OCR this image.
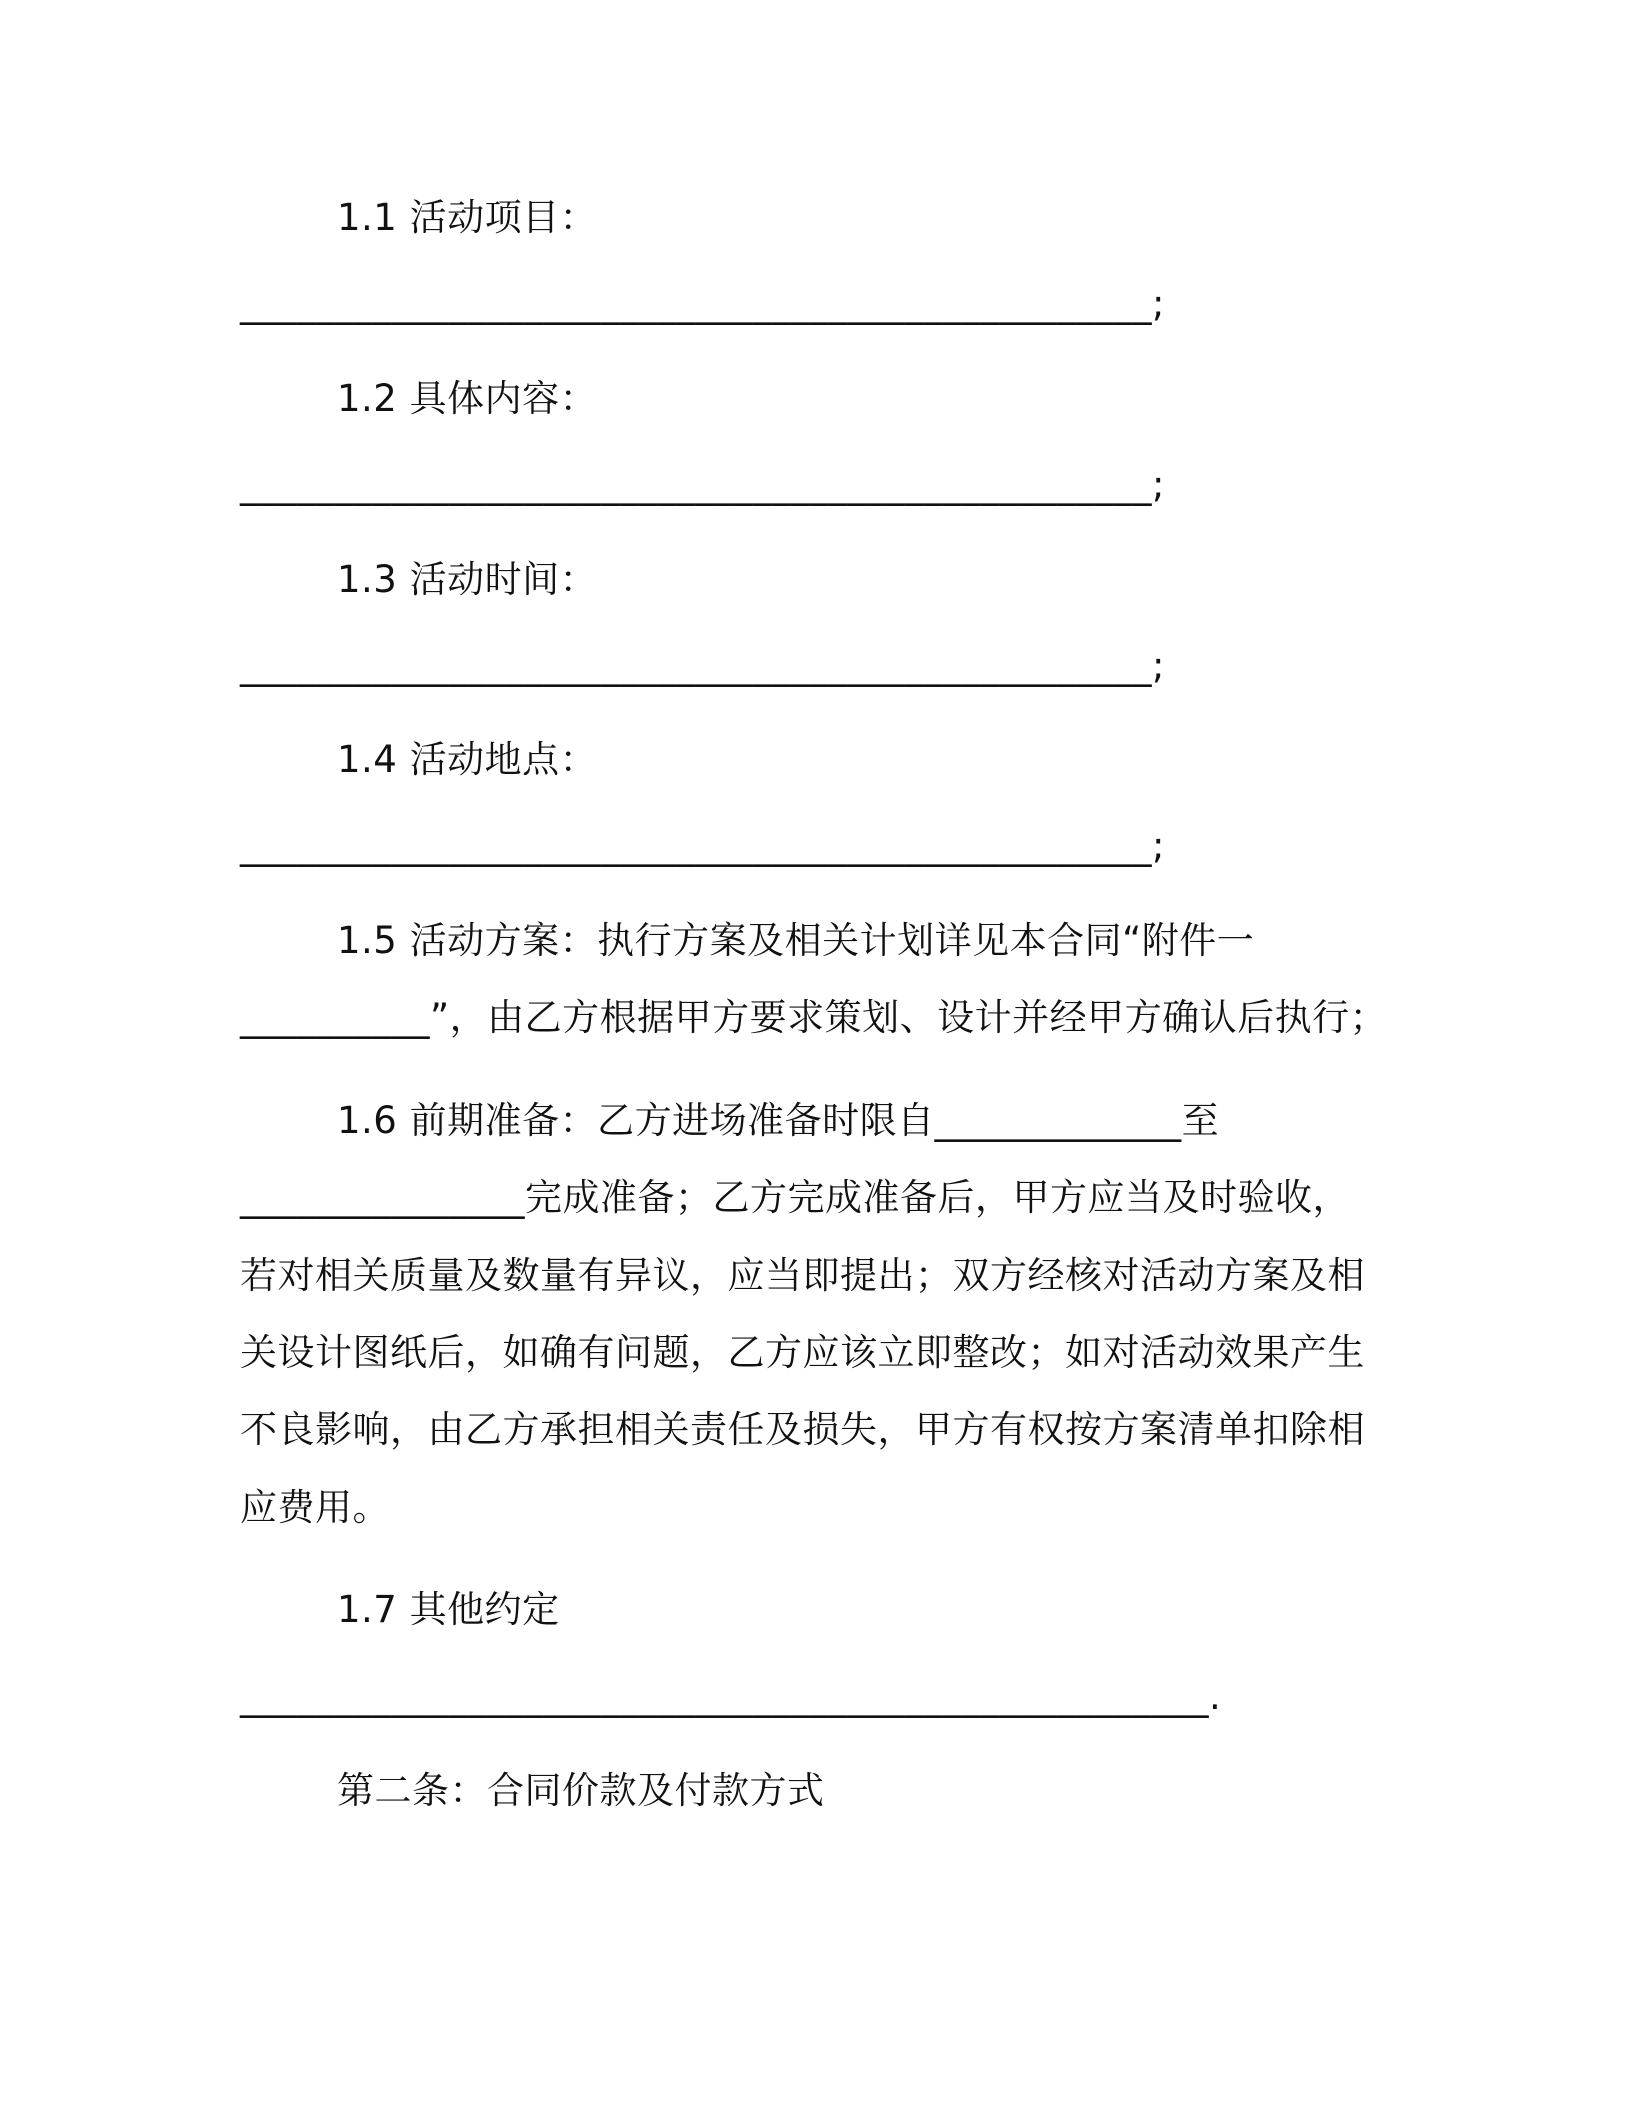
1.1 活动项目：
________________________________________________;
1.2 具体内容：
________________________________________________;
1.3 活动时间：
________________________________________________;
1.4 活动地点：
________________________________________________;
1.5 活动方案：执行方案及相关计划详见本合同“附件一
__________”，由乙方根据甲方要求策划、设计并经甲方确认后执行；
1.6 前期准备：乙方进场准备时限自_____________至
_______________完成准备；乙方完成准备后，甲方应当及时验收，
若对相关质量及数量有异议，应当即提出；双方经核对活动方案及相
关设计图纸后，如确有问题，乙方应该立即整改；如对活动效果产生
不良影响，由乙方承担相关责任及损失，甲方有权按方案清单扣除相
应费用。
1.7 其他约定
___________________________________________________.
第二条：合同价款及付款方式
